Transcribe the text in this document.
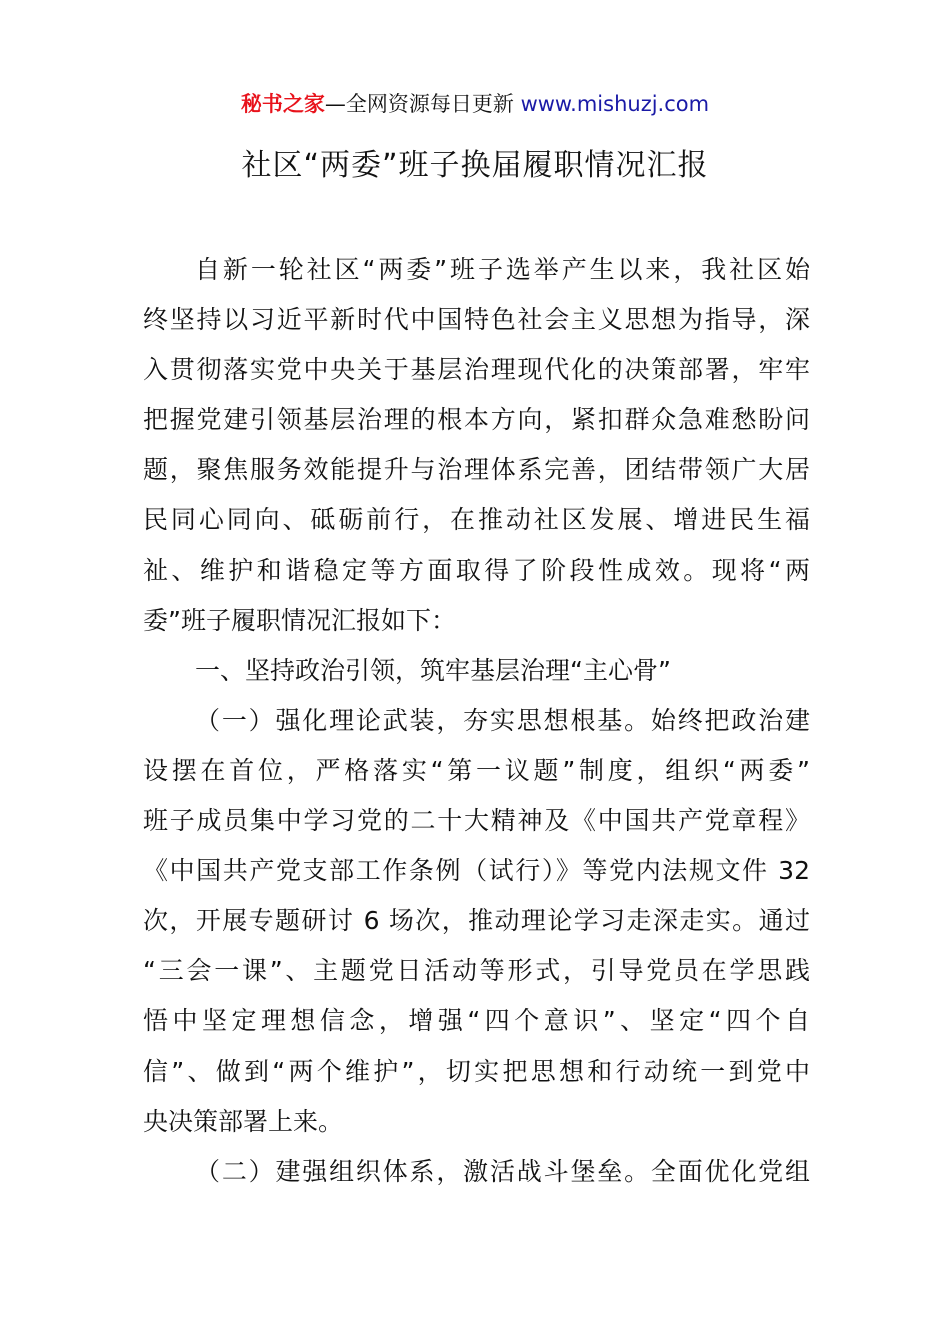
秘书之家—全网资源每日更新 www.mishuzj.com
社区“两委”班子换届履职情况汇报
自新一轮社区“两委”班子选举产生以来，我社区始
终坚持以习近平新时代中国特色社会主义思想为指导，深
入贯彻落实党中央关于基层治理现代化的决策部署，牢牢
把握党建引领基层治理的根本方向，紧扣群众急难愁盼问
题，聚焦服务效能提升与治理体系完善，团结带领广大居
民同心同向、砥砺前行，在推动社区发展、增进民生福
祉、维护和谐稳定等方面取得了阶段性成效。现将“两
委”班子履职情况汇报如下：
一、坚持政治引领，筑牢基层治理“主心骨”
（一）强化理论武装，夯实思想根基。始终把政治建
设摆在首位，严格落实“第一议题”制度，组织“两委”
班子成员集中学习党的二十大精神及《中国共产党章程》
《中国共产党支部工作条例（试行）》等党内法规文件 32
次，开展专题研讨 6 场次，推动理论学习走深走实。通过
“三会一课”、主题党日活动等形式，引导党员在学思践
悟中坚定理想信念，增强“四个意识”、坚定“四个自
信”、做到“两个维护”，切实把思想和行动统一到党中
央决策部署上来。
（二）建强组织体系，激活战斗堡垒。全面优化党组
